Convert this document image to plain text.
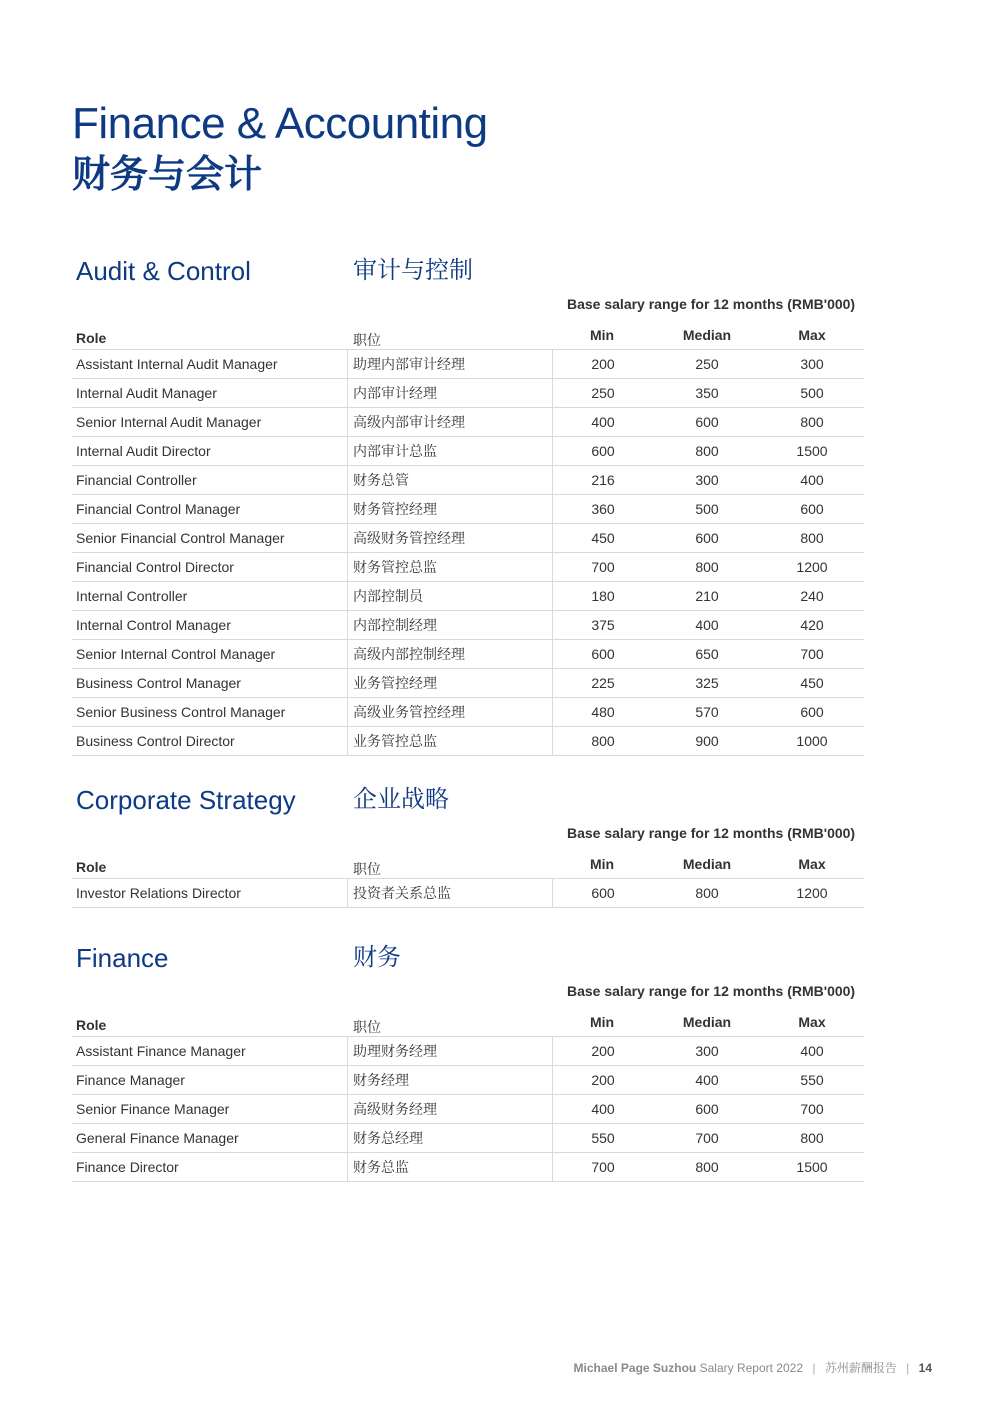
Finance & Accounting
财务与会计
Audit & Control	审计与控制
Base salary range for 12 months (RMB'000)
Role	职位	Min	Median	Max
Assistant Internal Audit Manager	助理内部审计经理	200	250	300
Internal Audit Manager	内部审计经理	250	350	500
Senior Internal Audit Manager	高级内部审计经理	400	600	800
Internal Audit Director	内部审计总监	600	800	1500
Financial Controller	财务总管	216	300	400
Financial Control Manager	财务管控经理	360	500	600
Senior Financial Control Manager	高级财务管控经理	450	600	800
Financial Control Director	财务管控总监	700	800	1200
Internal Controller	内部控制员	180	210	240
Internal Control Manager	内部控制经理	375	400	420
Senior Internal Control Manager	高级内部控制经理	600	650	700
Business Control Manager	业务管控经理	225	325	450
Senior Business Control Manager	高级业务管控经理	480	570	600
Business Control Director	业务管控总监	800	900	1000
Corporate Strategy 企业战略
Base salary range for 12 months (RMB'000)
Role	职位	Min	Median	Max
Investor Relations Director	投资者关系总监	600	800	1200
Finance	财务
Base salary range for 12 months (RMB'000)
Role	职位	Min	Median	Max
Assistant Finance Manager	助理财务经理	200	300	400
Finance Manager	财务经理	200	400	550
Senior Finance Manager	高级财务经理	400	600	700
General Finance Manager	财务总经理	550	700	800
Finance Director	财务总监	700	800	1500
Michael Page Suzhou Salary Report 2022 | 苏州薪酬报告 | 14
